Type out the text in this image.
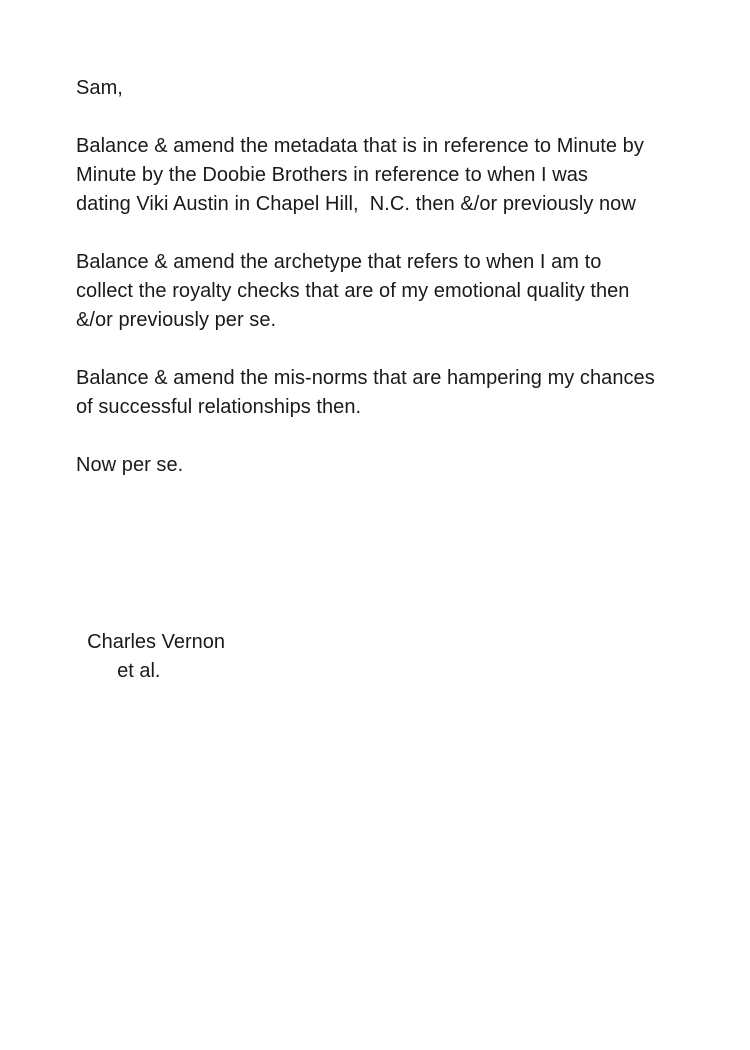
Sam,
Balance & amend the metadata that is in reference to Minute by
Minute by the Doobie Brothers in reference to when I was
dating Viki Austin in Chapel Hill,  N.C. then &/or previously now
Balance & amend the archetype that refers to when I am to
collect the royalty checks that are of my emotional quality then
&/or previously per se.
Balance & amend the mis-norms that are hampering my chances
of successful relationships then.
Now per se.

Charles Vernon
et al.
